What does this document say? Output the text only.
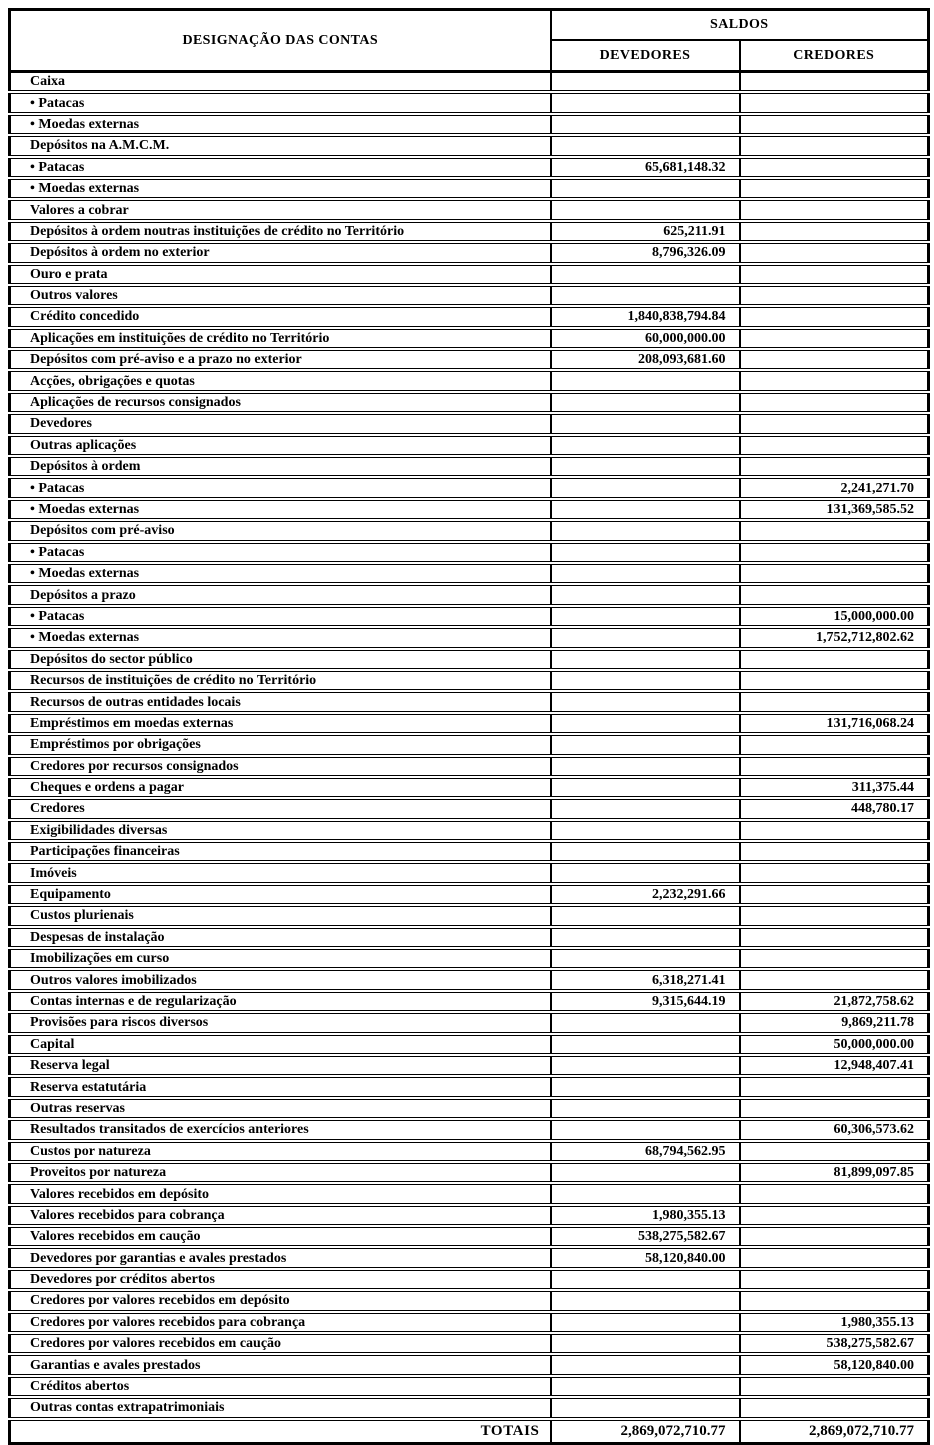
DESIGNAÇÃO DAS CONTAS	SALDOS	
	DEVEDORES	CREDORES
Caixa		
• Patacas		
• Moedas externas		
Depósitos na A.M.C.M.		
• Patacas	65,681,148.32	
• Moedas externas		
Valores a cobrar		
Depósitos à ordem noutras instituições de crédito no Território	625,211.91	
Depósitos à ordem no exterior	8,796,326.09	
Ouro e prata		
Outros valores		
Crédito concedido	1,840,838,794.84	
Aplicações em instituições de crédito no Território	60,000,000.00	
Depósitos com pré-aviso e a prazo no exterior	208,093,681.60	
Acções, obrigações e quotas		
Aplicações de recursos consignados		
Devedores		
Outras aplicações		
Depósitos à ordem		
• Patacas		2,241,271.70
• Moedas externas		131,369,585.52
Depósitos com pré-aviso		
• Patacas		
• Moedas externas		
Depósitos a prazo		
• Patacas		15,000,000.00
• Moedas externas		1,752,712,802.62
Depósitos do sector público		
Recursos de instituições de crédito no Território		
Recursos de outras entidades locais		
Empréstimos em moedas externas		131,716,068.24
Empréstimos por obrigações		
Credores por recursos consignados		
Cheques e ordens a pagar		311,375.44
Credores		448,780.17
Exigibilidades diversas		
Participações financeiras		
Imóveis		
Equipamento	2,232,291.66	
Custos plurienais		
Despesas de instalação		
Imobilizações em curso		
Outros valores imobilizados	6,318,271.41	
Contas internas e de regularização	9,315,644.19	21,872,758.62
Provisões para riscos diversos		9,869,211.78
Capital		50,000,000.00
Reserva legal		12,948,407.41
Reserva estatutária		
Outras reservas		
Resultados transitados de exercícios anteriores		60,306,573.62
Custos por natureza	68,794,562.95	
Proveitos por natureza		81,899,097.85
Valores recebidos em depósito		
Valores recebidos para cobrança	1,980,355.13	
Valores recebidos em caução	538,275,582.67	
Devedores por garantias e avales prestados	58,120,840.00	
Devedores por créditos abertos		
Credores por valores recebidos em depósito		
Credores por valores recebidos para cobrança		1,980,355.13
Credores por valores recebidos em caução		538,275,582.67
Garantias e avales prestados		58,120,840.00
Créditos abertos		
Outras contas extrapatrimoniais		
TOTAIS	2,869,072,710.77	2,869,072,710.77
